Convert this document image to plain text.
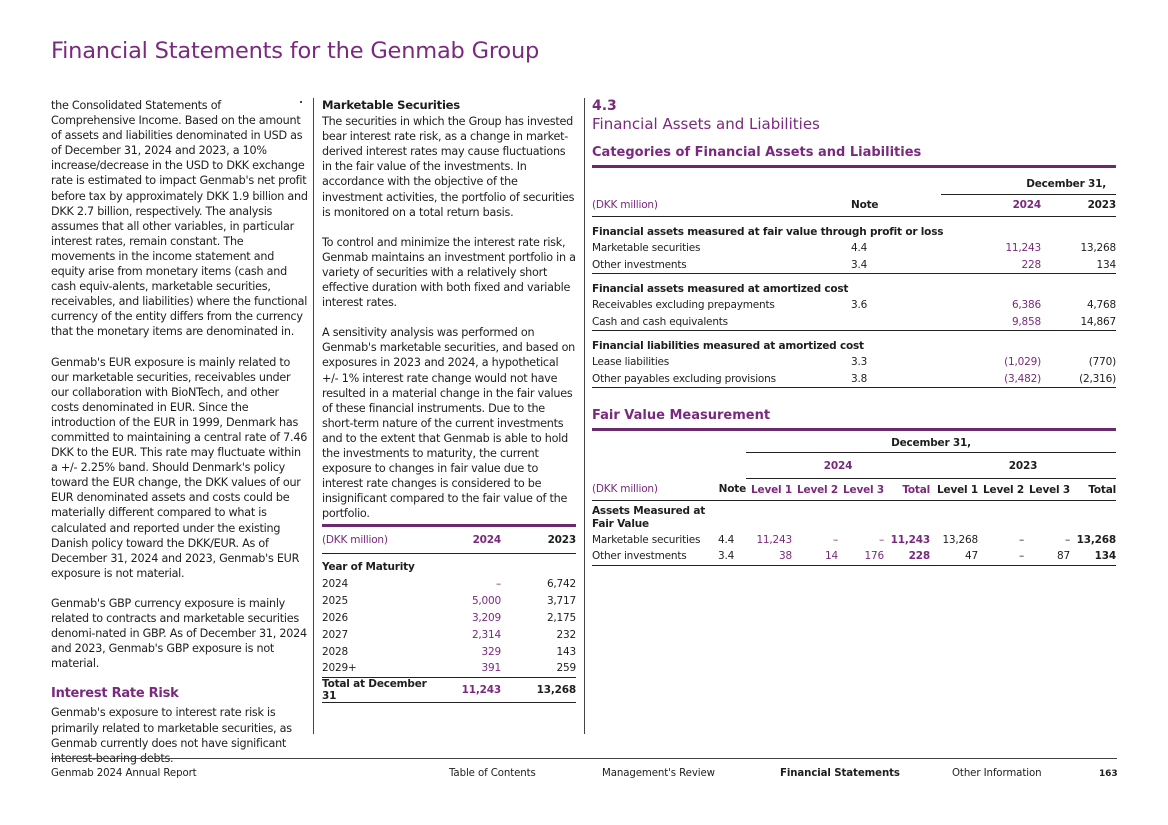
Financial Statements for the Genmab Group

the Consolidated Statements of Comprehensive Income. Based on the amount of assets and liabilities denominated in USD as of December 31, 2024 and 2023, a 10% increase/decrease in the USD to DKK exchange rate is estimated to impact Genmab's net profit before tax by approximately DKK 1.9 billion and DKK 2.7 billion, respectively. The analysis assumes that all other variables, in particular interest rates, remain constant. The movements in the income statement and equity arise from monetary items (cash and cash equiv-alents, marketable securities, receivables, and liabilities) where the functional currency of the entity differs from the currency that the monetary items are denominated in.

Genmab's EUR exposure is mainly related to our marketable securities, receivables under our collaboration with BioNTech, and other costs denominated in EUR. Since the introduction of the EUR in 1999, Denmark has committed to maintaining a central rate of 7.46 DKK to the EUR. This rate may fluctuate within a +/- 2.25% band. Should Denmark's policy toward the EUR change, the DKK values of our EUR denominated assets and costs could be materially different compared to what is calculated and reported under the existing Danish policy toward the DKK/EUR. As of December 31, 2024 and 2023, Genmab's EUR exposure is not material.

Genmab's GBP currency exposure is mainly related to contracts and marketable securities denomi-nated in GBP. As of December 31, 2024 and 2023, Genmab's GBP exposure is not material.

Interest Rate Risk

Genmab's exposure to interest rate risk is primarily related to marketable securities, as Genmab currently does not have significant interest-bearing debts.

Marketable Securities

The securities in which the Group has invested bear interest rate risk, as a change in market-derived interest rates may cause fluctuations in the fair value of the investments. In accordance with the objective of the investment activities, the portfolio of securities is monitored on a total return basis.

To control and minimize the interest rate risk, Genmab maintains an investment portfolio in a variety of securities with a relatively short effective duration with both fixed and variable interest rates.

A sensitivity analysis was performed on Genmab's marketable securities, and based on exposures in 2023 and 2024, a hypothetical +/- 1% interest rate change would not have resulted in a material change in the fair values of these financial instruments. Due to the short-term nature of the current investments and to the extent that Genmab is able to hold the investments to maturity, the current exposure to changes in fair value due to interest rate changes is considered to be insignificant compared to the fair value of the portfolio.

(DKK million)	2024	2023
Year of Maturity		
2024	–	6,742
2025	5,000	3,717
2026	3,209	2,175
2027	2,314	232
2028	329	143
2029+	391	259
Total at December 31	11,243	13,268
4.3
Financial Assets and Liabilities
Categories of Financial Assets and Liabilities
		December 31,	
(DKK million)	Note	2024	2023
Financial assets measured at fair value through profit or loss			
Marketable securities	4.4	11,243	13,268
Other investments	3.4	228	134
Financial assets measured at amortized cost			
Receivables excluding prepayments	3.6	6,386	4,768
Cash and cash equivalents		9,858	14,867
Financial liabilities measured at amortized cost			
Lease liabilities	3.3	(1,029)	(770)
Other payables excluding provisions	3.8	(3,482)	(2,316)
Fair Value Measurement
		December 31,							
		2024				2023			
(DKK million)	Note	Level 1	Level 2	Level 3	Total	Level 1	Level 2	Level 3	Total
Assets Measured at Fair Value									
Marketable securities	4.4	11,243	–	–	11,243	13,268	–	–	13,268
Other investments	3.4	38	14	176	228	47	–	87	134
Genmab 2024 Annual Report	Table of Contents	Management's Review	Financial Statements	Other Information	163
